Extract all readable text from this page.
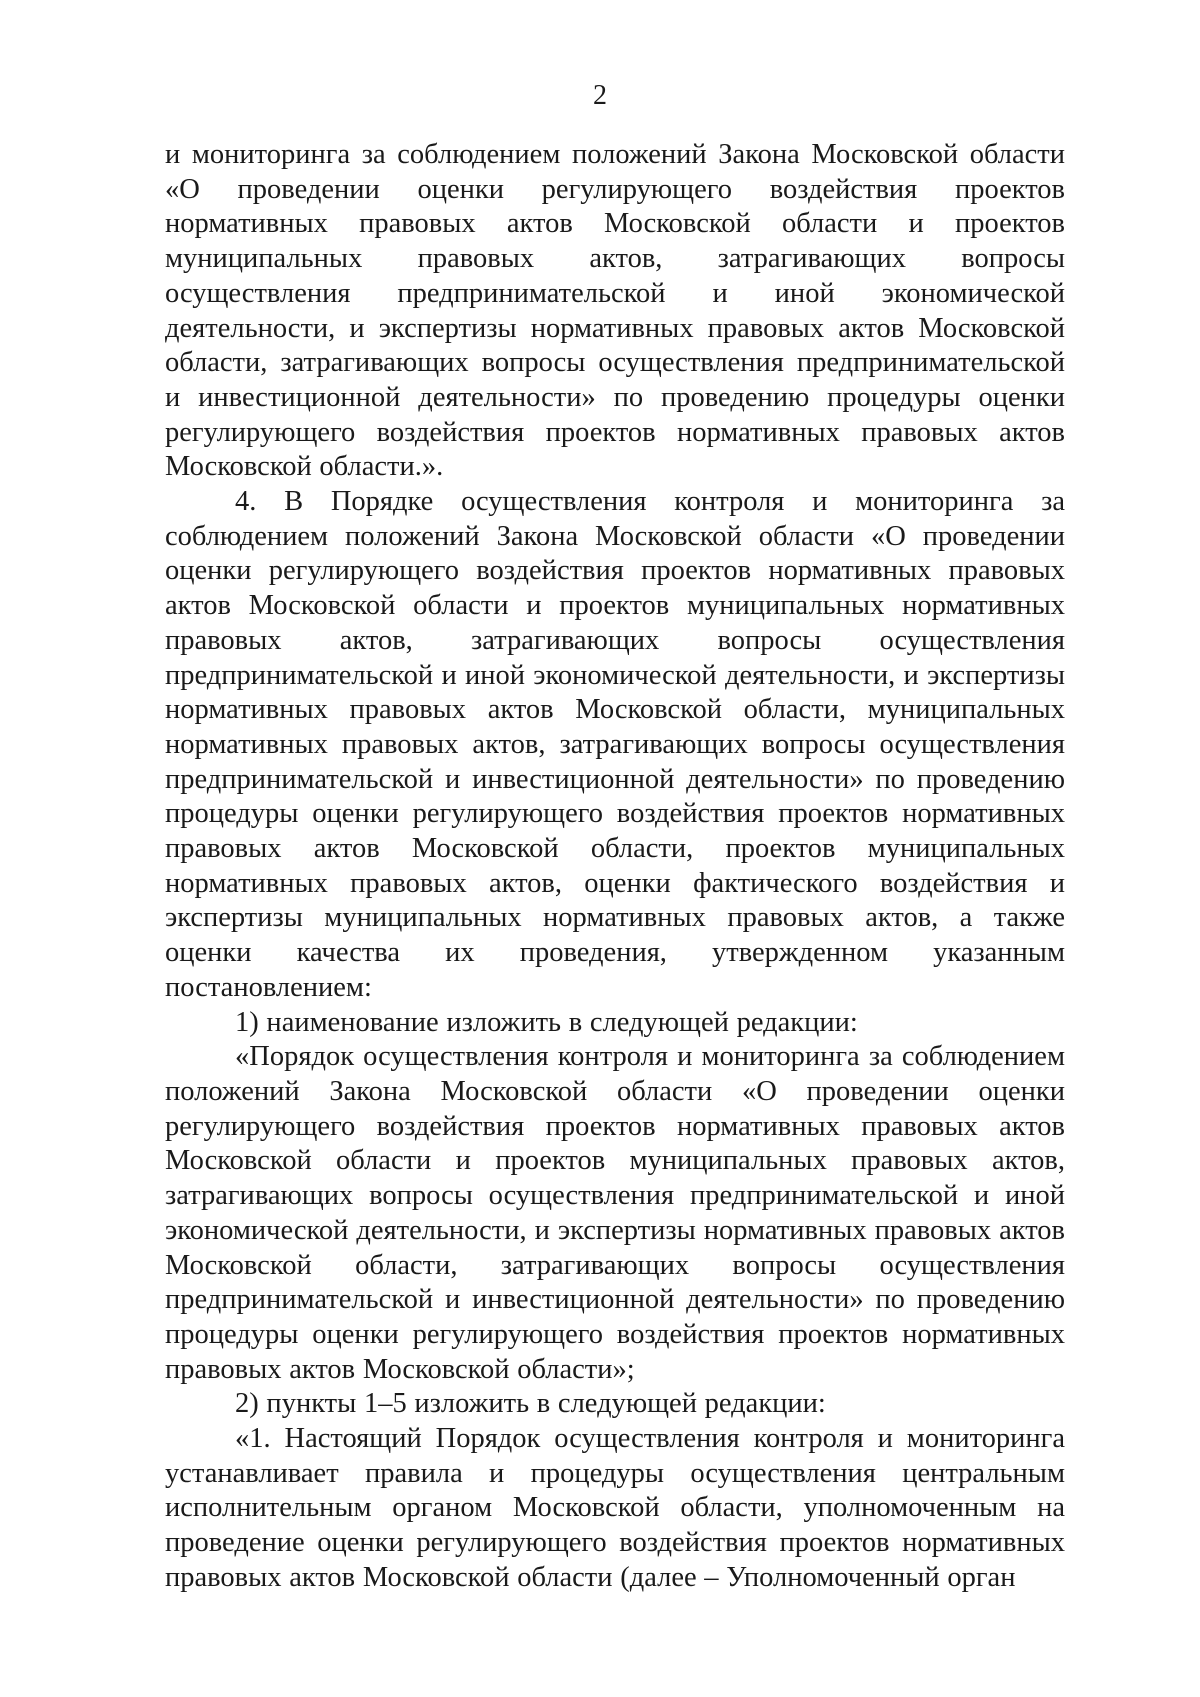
2

и мониторинга за соблюдением положений Закона Московской области «О проведении оценки регулирующего воздействия проектов нормативных правовых актов Московской области и проектов муниципальных правовых актов, затрагивающих вопросы осуществления предпринимательской и иной экономической деятельности, и экспертизы нормативных правовых актов Московской области, затрагивающих вопросы осуществления предпринимательской и инвестиционной деятельности» по проведению процедуры оценки регулирующего воздействия проектов нормативных правовых актов Московской области.».

4. В Порядке осуществления контроля и мониторинга за соблюдением положений Закона Московской области «О проведении оценки регулирующего воздействия проектов нормативных правовых актов Московской области и проектов муниципальных нормативных правовых актов, затрагивающих вопросы осуществления предпринимательской и иной экономической деятельности, и экспертизы нормативных правовых актов Московской области, муниципальных нормативных правовых актов, затрагивающих вопросы осуществления предпринимательской и инвестиционной деятельности» по проведению процедуры оценки регулирующего воздействия проектов нормативных правовых актов Московской области, проектов муниципальных нормативных правовых актов, оценки фактического воздействия и экспертизы муниципальных нормативных правовых актов, а также оценки качества их проведения, утвержденном указанным постановлением:

1) наименование изложить в следующей редакции:

«Порядок осуществления контроля и мониторинга за соблюдением положений Закона Московской области «О проведении оценки регулирующего воздействия проектов нормативных правовых актов Московской области и проектов муниципальных правовых актов, затрагивающих вопросы осуществления предпринимательской и иной экономической деятельности, и экспертизы нормативных правовых актов Московской области, затрагивающих вопросы осуществления предпринимательской и инвестиционной деятельности» по проведению процедуры оценки регулирующего воздействия проектов нормативных правовых актов Московской области»;

2) пункты 1–5 изложить в следующей редакции:

«1. Настоящий Порядок осуществления контроля и мониторинга устанавливает правила и процедуры осуществления центральным исполнительным органом Московской области, уполномоченным на проведение оценки регулирующего воздействия проектов нормативных правовых актов Московской области (далее – Уполномоченный орган
